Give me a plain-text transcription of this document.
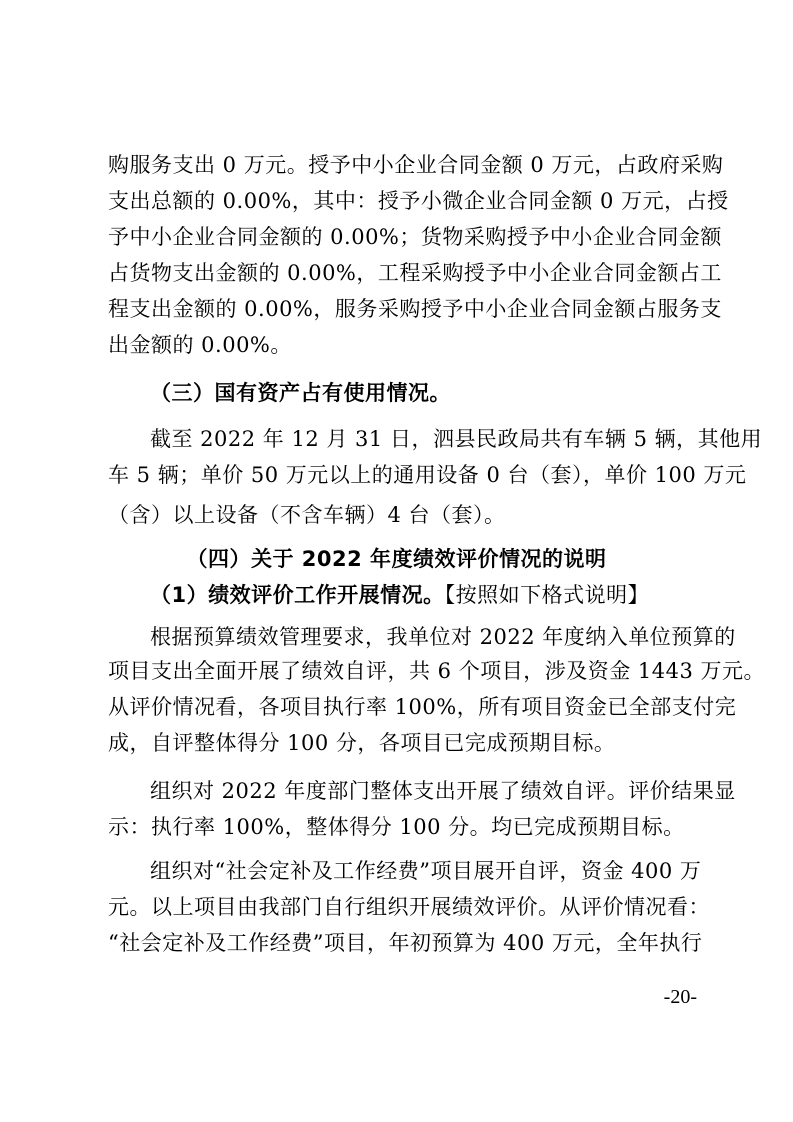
购服务支出 0 万元。授予中小企业合同金额 0 万元，占政府采购
支出总额的 0.00%，其中：授予小微企业合同金额 0 万元，占授
予中小企业合同金额的 0.00%；货物采购授予中小企业合同金额
占货物支出金额的 0.00%，工程采购授予中小企业合同金额占工
程支出金额的 0.00%，服务采购授予中小企业合同金额占服务支
出金额的 0.00%。
（三）国有资产占有使用情况。
截至 2022 年 12 月 31 日，泗县民政局共有车辆 5 辆，其他用
车 5 辆；单价 50 万元以上的通用设备 0 台（套），单价 100 万元
（含）以上设备（不含车辆）4 台（套）。
（四）关于 2022 年度绩效评价情况的说明
（1）绩效评价工作开展情况。【按照如下格式说明】
根据预算绩效管理要求，我单位对 2022 年度纳入单位预算的
项目支出全面开展了绩效自评，共 6 个项目，涉及资金 1443 万元。
从评价情况看，各项目执行率 100%，所有项目资金已全部支付完
成，自评整体得分 100 分，各项目已完成预期目标。
组织对 2022 年度部门整体支出开展了绩效自评。评价结果显
示：执行率 100%，整体得分 100 分。均已完成预期目标。
组织对“社会定补及工作经费”项目展开自评，资金 400 万
元。以上项目由我部门自行组织开展绩效评价。从评价情况看：
“社会定补及工作经费”项目，年初预算为 400 万元，全年执行
-20-
